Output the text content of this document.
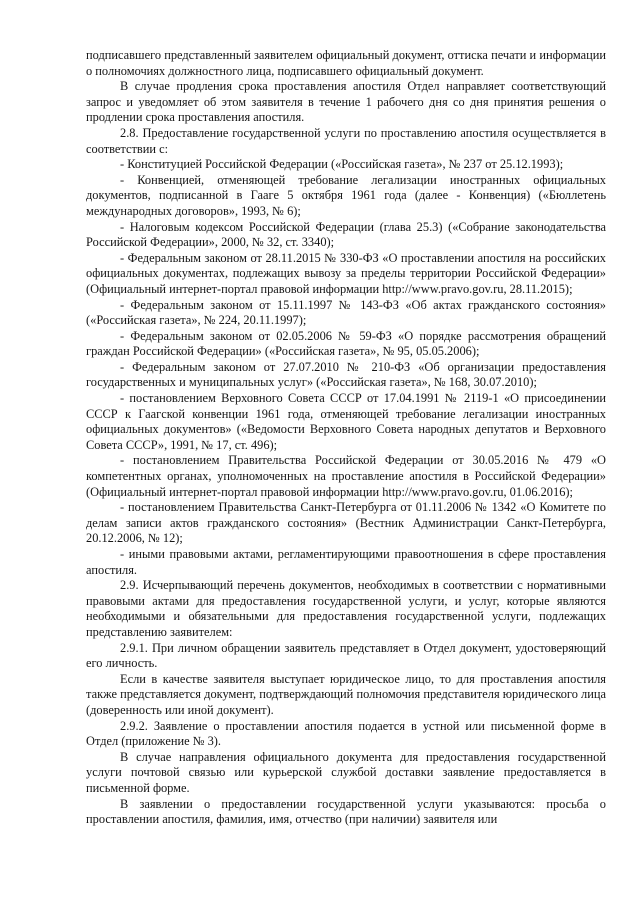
подписавшего представленный заявителем официальный документ, оттиска печати и информации о полномочиях должностного лица, подписавшего официальный документ.

В случае продления срока проставления апостиля Отдел направляет соответствующий запрос и уведомляет об этом заявителя в течение 1 рабочего дня со дня принятия решения о продлении срока проставления апостиля.

2.8. Предоставление государственной услуги по проставлению апостиля осуществляется в соответствии с:

- Конституцией Российской Федерации («Российская газета», № 237 от 25.12.1993);

- Конвенцией, отменяющей требование легализации иностранных официальных документов, подписанной в Гааге 5 октября 1961 года (далее - Конвенция) («Бюллетень международных договоров», 1993, № 6);

- Налоговым кодексом Российской Федерации (глава 25.3) («Собрание законодательства Российской Федерации», 2000, № 32, ст. 3340);

- Федеральным законом от 28.11.2015 № 330-ФЗ «О проставлении апостиля на российских официальных документах, подлежащих вывозу за пределы территории Российской Федерации» (Официальный интернет-портал правовой информации http://www.pravo.gov.ru, 28.11.2015);

- Федеральным законом от 15.11.1997 № 143-ФЗ «Об актах гражданского состояния» («Российская газета», № 224, 20.11.1997);

- Федеральным законом от 02.05.2006 № 59-ФЗ «О порядке рассмотрения обращений граждан Российской Федерации» («Российская газета», № 95, 05.05.2006);

- Федеральным законом от 27.07.2010 № 210-ФЗ «Об организации предоставления государственных и муниципальных услуг» («Российская газета», № 168, 30.07.2010);

- постановлением Верховного Совета СССР от 17.04.1991 № 2119-1 «О присоединении СССР к Гаагской конвенции 1961 года, отменяющей требование легализации иностранных официальных документов» («Ведомости Верховного Совета народных депутатов и Верховного Совета СССР», 1991, № 17, ст. 496);

- постановлением Правительства Российской Федерации от 30.05.2016 № 479 «О компетентных органах, уполномоченных на проставление апостиля в Российской Федерации» (Официальный интернет-портал правовой информации http://www.pravo.gov.ru, 01.06.2016);

- постановлением Правительства Санкт-Петербурга от 01.11.2006 № 1342 «О Комитете по делам записи актов гражданского состояния» (Вестник Администрации Санкт-Петербурга, 20.12.2006, № 12);

- иными правовыми актами, регламентирующими правоотношения в сфере проставления апостиля.

2.9. Исчерпывающий перечень документов, необходимых в соответствии с нормативными правовыми актами для предоставления государственной услуги, и услуг, которые являются необходимыми и обязательными для предоставления государственной услуги, подлежащих представлению заявителем:

2.9.1. При личном обращении заявитель представляет в Отдел документ, удостоверяющий его личность.

Если в качестве заявителя выступает юридическое лицо, то для проставления апостиля также представляется документ, подтверждающий полномочия представителя юридического лица (доверенность или иной документ).

2.9.2. Заявление о проставлении апостиля подается в устной или письменной форме в Отдел (приложение № 3).

В случае направления официального документа для предоставления государственной услуги почтовой связью или курьерской службой доставки заявление предоставляется в письменной форме.

В заявлении о предоставлении государственной услуги указываются: просьба о проставлении апостиля, фамилия, имя, отчество (при наличии) заявителя или
